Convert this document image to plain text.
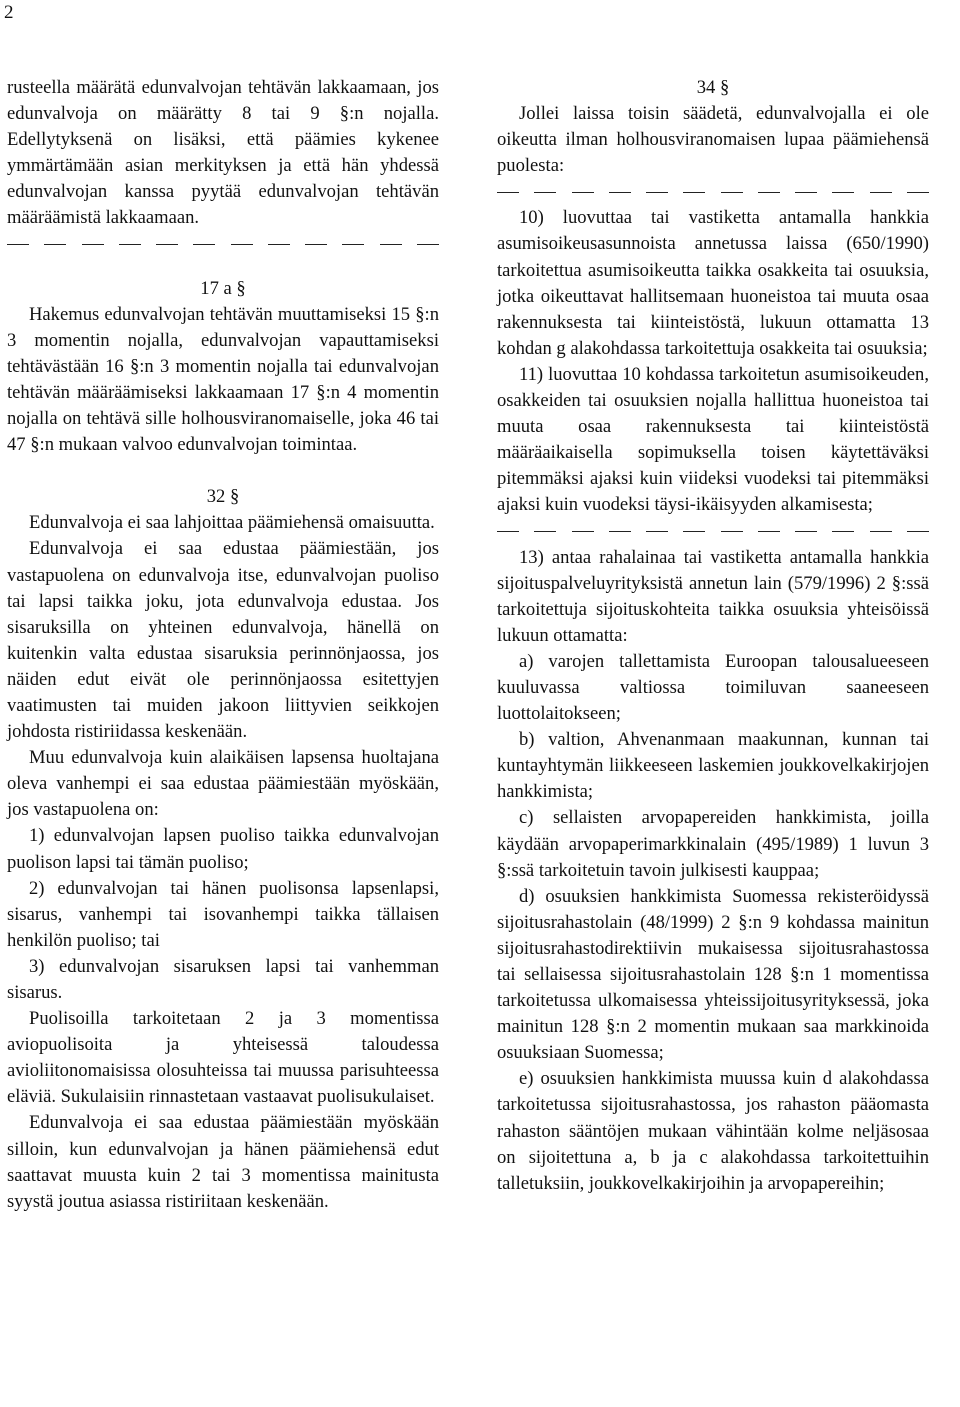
2

rusteella määrätä edunvalvojan tehtävän lakkaamaan, jos edunvalvoja on määrätty 8 tai 9 §:n nojalla. Edellytyksenä on lisäksi, että päämies kykenee ymmärtämään asian merkityksen ja että hän yhdessä edunvalvojan kanssa pyytää edunvalvojan tehtävän määräämistä lakkaamaan.

17 a §

Hakemus edunvalvojan tehtävän muuttamiseksi 15 §:n 3 momentin nojalla, edunvalvojan vapauttamiseksi tehtävästään 16 §:n 3 momentin nojalla tai edunvalvojan tehtävän määräämiseksi lakkaamaan 17 §:n 4 momentin nojalla on tehtävä sille holhousviranomaiselle, joka 46 tai 47 §:n mukaan valvoo edunvalvojan toimintaa.

32 §

Edunvalvoja ei saa lahjoittaa päämiehensä omaisuutta.

Edunvalvoja ei saa edustaa päämiestään, jos vastapuolena on edunvalvoja itse, edunvalvojan puoliso tai lapsi taikka joku, jota edunvalvoja edustaa. Jos sisaruksilla on yhteinen edunvalvoja, hänellä on kuitenkin valta edustaa sisaruksia perinnönjaossa, jos näiden edut eivät ole perinnönjaossa esitettyjen vaatimusten tai muiden jakoon liittyvien seikkojen johdosta ristiriidassa keskenään.

Muu edunvalvoja kuin alaikäisen lapsensa huoltajana oleva vanhempi ei saa edustaa päämiestään myöskään, jos vastapuolena on:

1) edunvalvojan lapsen puoliso taikka edunvalvojan puolison lapsi tai tämän puoliso;

2) edunvalvojan tai hänen puolisonsa lapsenlapsi, sisarus, vanhempi tai isovanhempi taikka tällaisen henkilön puoliso; tai

3) edunvalvojan sisaruksen lapsi tai vanhemman sisarus.

Puolisoilla tarkoitetaan 2 ja 3 momentissa aviopuolisoita ja yhteisessä taloudessa avioliitonomaisissa olosuhteissa tai muussa parisuhteessa eläviä. Sukulaisiin rinnastetaan vastaavat puolisukulaiset.

Edunvalvoja ei saa edustaa päämiestään myöskään silloin, kun edunvalvojan ja hänen päämiehensä edut saattavat muusta kuin 2 tai 3 momentissa mainitusta syystä joutua asiassa ristiriitaan keskenään.

34 §

Jollei laissa toisin säädetä, edunvalvojalla ei ole oikeutta ilman holhousviranomaisen lupaa päämiehensä puolesta:

10) luovuttaa tai vastiketta antamalla hankkia asumisoikeusasunnoista annetussa laissa (650/1990) tarkoitettua asumisoikeutta taikka osakkeita tai osuuksia, jotka oikeuttavat hallitsemaan huoneistoa tai muuta osaa rakennuksesta tai kiinteistöstä, lukuun ottamatta 13 kohdan g alakohdassa tarkoitettuja osakkeita tai osuuksia;

11) luovuttaa 10 kohdassa tarkoitetun asumisoikeuden, osakkeiden tai osuuksien nojalla hallittua huoneistoa tai muuta osaa rakennuksesta tai kiinteistöstä määräaikaisella sopimuksella toisen käytettäväksi pitemmäksi ajaksi kuin viideksi vuodeksi tai pitemmäksi ajaksi kuin vuodeksi täysi-ikäisyyden alkamisesta;

13) antaa rahalainaa tai vastiketta antamalla hankkia sijoituspalveluyrityksistä annetun lain (579/1996) 2 §:ssä tarkoitettuja sijoituskohteita taikka osuuksia yhteisöissä lukuun ottamatta:

a) varojen tallettamista Euroopan talousalueeseen kuuluvassa valtiossa toimiluvan saaneeseen luottolaitokseen;

b) valtion, Ahvenanmaan maakunnan, kunnan tai kuntayhtymän liikkeeseen laskemien joukkovelkakirjojen hankkimista;

c) sellaisten arvopapereiden hankkimista, joilla käydään arvopaperimarkkinalain (495/1989) 1 luvun 3 §:ssä tarkoitetuin tavoin julkisesti kauppaa;

d) osuuksien hankkimista Suomessa rekisteröidyssä sijoitusrahastolain (48/1999) 2 §:n 9 kohdassa mainitun sijoitusrahastodirektiivin mukaisessa sijoitusrahastossa tai sellaisessa sijoitusrahastolain 128 §:n 1 momentissa tarkoitetussa ulkomaisessa yhteissijoitusyrityksessä, joka mainitun 128 §:n 2 momentin mukaan saa markkinoida osuuksiaan Suomessa;

e) osuuksien hankkimista muussa kuin d alakohdassa tarkoitetussa sijoitusrahastossa, jos rahaston pääomasta rahaston sääntöjen mukaan vähintään kolme neljäsosaa on sijoitettuna a, b ja c alakohdassa tarkoitettuihin talletuksiin, joukkovelkakirjoihin ja arvopapereihin;
